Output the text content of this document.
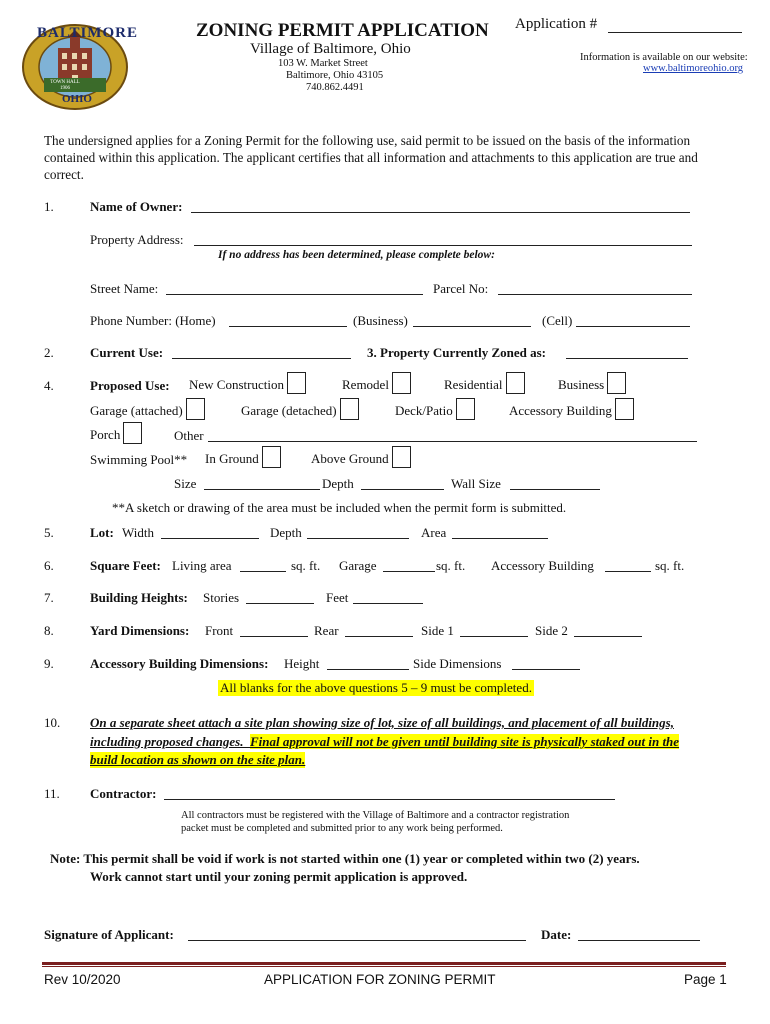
BALTIMORE
OHIO
TOWN HALL 1906
ZONING PERMIT APPLICATION
Village of Baltimore, Ohio
103 W. Market Street
Baltimore, Ohio 43105
740.862.4491
Application #
Information is available on our website:
www.baltimoreohio.org
The undersigned applies for a Zoning Permit for the following use, said permit to be issued on the basis of the information contained within this application. The applicant certifies that all information and attachments to this application are true and correct.
1.	Name of Owner:
Property Address:
If no address has been determined, please complete below:
Street Name:	Parcel No:
Phone Number: (Home)	(Business)	(Cell)
2.	Current Use:	3. Property Currently Zoned as:
4.	Proposed Use: New Construction	Remodel	Residential	Business
Garage (attached)	Garage (detached)	Deck/Patio	Accessory Building
Porch	Other
Swimming Pool** In Ground	Above Ground
Size	Depth	Wall Size
**A sketch or drawing of the area must be included when the permit form is submitted.
5.	Lot: Width	Depth	Area
6.	Square Feet: Living area	sq. ft. Garage	sq. ft. Accessory Building	sq. ft.
7.	Building Heights: Stories	Feet
8.	Yard Dimensions: Front	Rear	Side 1	Side 2
9.	Accessory Building Dimensions: Height	Side Dimensions
All blanks for the above questions 5 – 9 must be completed.
10. On a separate sheet attach a site plan showing size of lot, size of all buildings, and placement of all buildings,
including proposed changes. Final approval will not be given until building site is physically staked out in the
build location as shown on the site plan.
11. Contractor:
All contractors must be registered with the Village of Baltimore and a contractor registration
packet must be completed and submitted prior to any work being performed.
Note: This permit shall be void if work is not started within one (1) year or completed within two (2) years.
Work cannot start until your zoning permit application is approved.
Signature of Applicant:	Date:
Rev 10/2020	APPLICATION FOR ZONING PERMIT	Page 1
